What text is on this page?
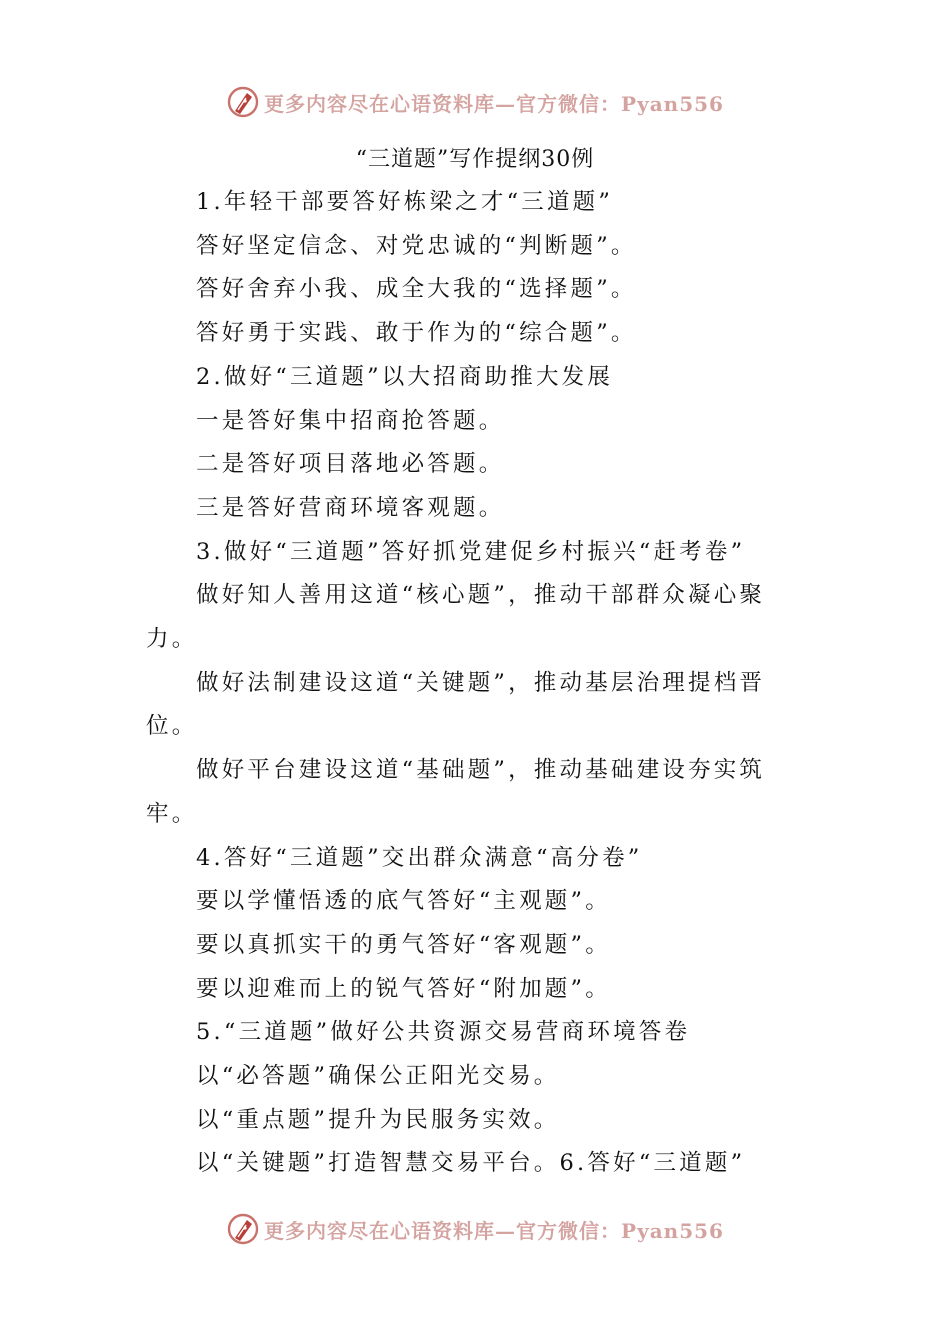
更多内容尽在心语资料库—官方微信：Pyan556
“三道题”写作提纲30例

1.年轻干部要答好栋梁之才“三道题”

答好坚定信念、对党忠诚的“判断题”。

答好舍弃小我、成全大我的“选择题”。

答好勇于实践、敢于作为的“综合题”。

2.做好“三道题”以大招商助推大发展

一是答好集中招商抢答题。

二是答好项目落地必答题。

三是答好营商环境客观题。

3.做好“三道题”答好抓党建促乡村振兴“赶考卷”

做好知人善用这道“核心题”，推动干部群众凝心聚力。

做好法制建设这道“关键题”，推动基层治理提档晋位。

做好平台建设这道“基础题”，推动基础建设夯实筑牢。

4.答好“三道题”交出群众满意“高分卷”

要以学懂悟透的底气答好“主观题”。

要以真抓实干的勇气答好“客观题”。

要以迎难而上的锐气答好“附加题”。

5.“三道题”做好公共资源交易营商环境答卷

以“必答题”确保公正阳光交易。

以“重点题”提升为民服务实效。

以“关键题”打造智慧交易平台。6.答好“三道题”

更多内容尽在心语资料库—官方微信：Pyan556
